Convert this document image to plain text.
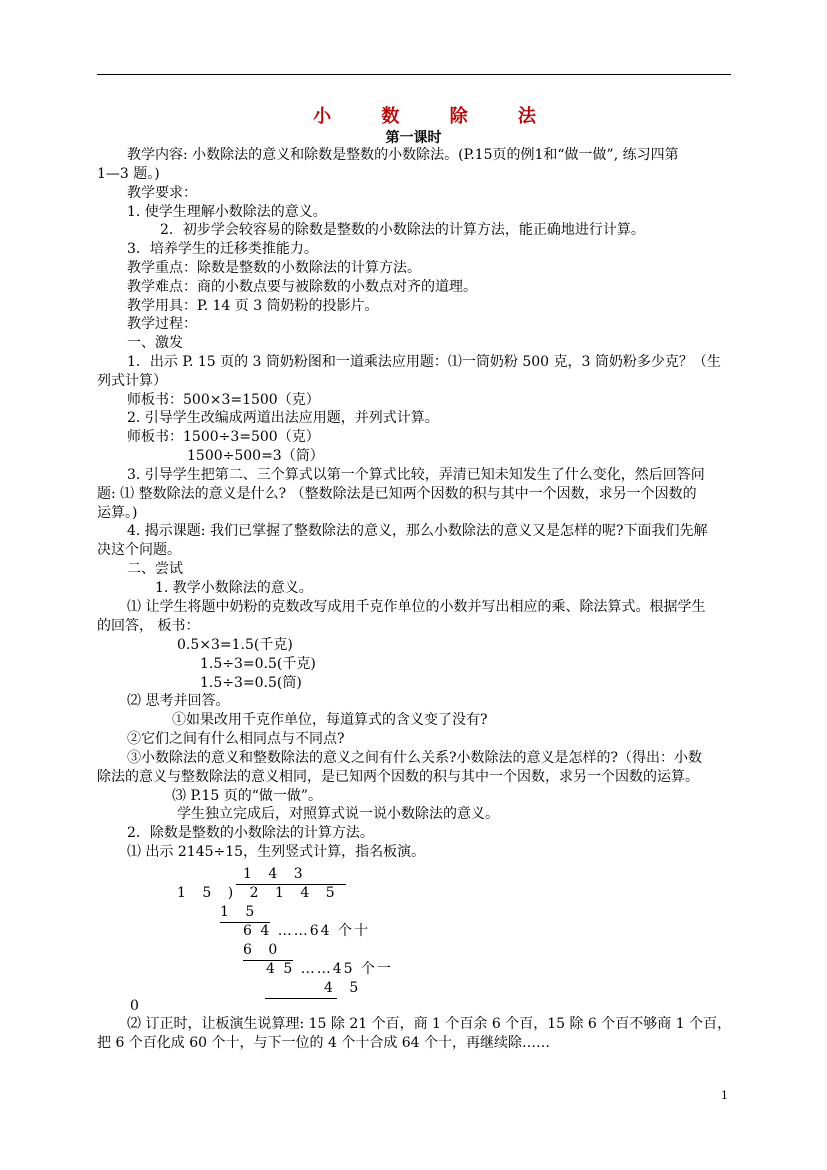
小 数 除 法
第一课时
教学内容: 小数除法的意义和除数是整数的小数除法。(P.15页的例1和“做一做”, 练习四第
1—3 题。)
教学要求：
1. 使学生理解小数除法的意义。
2．初步学会较容易的除数是整数的小数除法的计算方法，能正确地进行计算。
3．培养学生的迁移类推能力。
教学重点：除数是整数的小数除法的计算方法。
教学难点：商的小数点要与被除数的小数点对齐的道理。
教学用具：P. 14 页 3 筒奶粉的投影片。
教学过程：
一、激发
1．出示 P. 15 页的 3 筒奶粉图和一道乘法应用题：⑴一筒奶粉 500 克，3 筒奶粉多少克？（生
列式计算）
师板书：500×3=1500（克）
2. 引导学生改编成两道出法应用题，并列式计算。
师板书：1500÷3=500（克）
1500÷500=3（筒）
3. 引导学生把第二、三个算式以第一个算式比较，弄清已知未知发生了什么变化，然后回答问
题: ⑴ 整数除法的意义是什么? （整数除法是已知两个因数的积与其中一个因数，求另一个因数的
运算。)
4. 揭示课题: 我们已掌握了整数除法的意义，那么小数除法的意义又是怎样的呢?下面我们先解
决这个问题。
二、尝试
1. 教学小数除法的意义。
⑴ 让学生将题中奶粉的克数改写成用千克作单位的小数并写出相应的乘、除法算式。根据学生
的回答， 板书：
0.5×3=1.5(千克)
1.5÷3=0.5(千克)
1.5÷3=0.5(筒)
⑵ 思考并回答。
①如果改用千克作单位，每道算式的含义变了没有?
②它们之间有什么相同点与不同点?
③小数除法的意义和整数除法的意义之间有什么关系?小数除法的意义是怎样的?（得出：小数
除法的意义与整数除法的意义相同，是已知两个因数的积与其中一个因数，求另一个因数的运算。
⑶ P.15 页的“做一做”。
学生独立完成后，对照算式说一说小数除法的意义。
2．除数是整数的小数除法的计算方法。
⑴ 出示 2145÷15，生列竖式计算，指名板演。
1 4 3
1 5 ) 2 1 4 5
1 5
6 4 ……64 个十
6 0
4 5 ……45 个一
4 5
0
⑵ 订正时，让板演生说算理: 15 除 21 个百，商 1 个百余 6 个百，15 除 6 个百不够商 1 个百，
把 6 个百化成 60 个十，与下一位的 4 个十合成 64 个十，再继续除……
1
